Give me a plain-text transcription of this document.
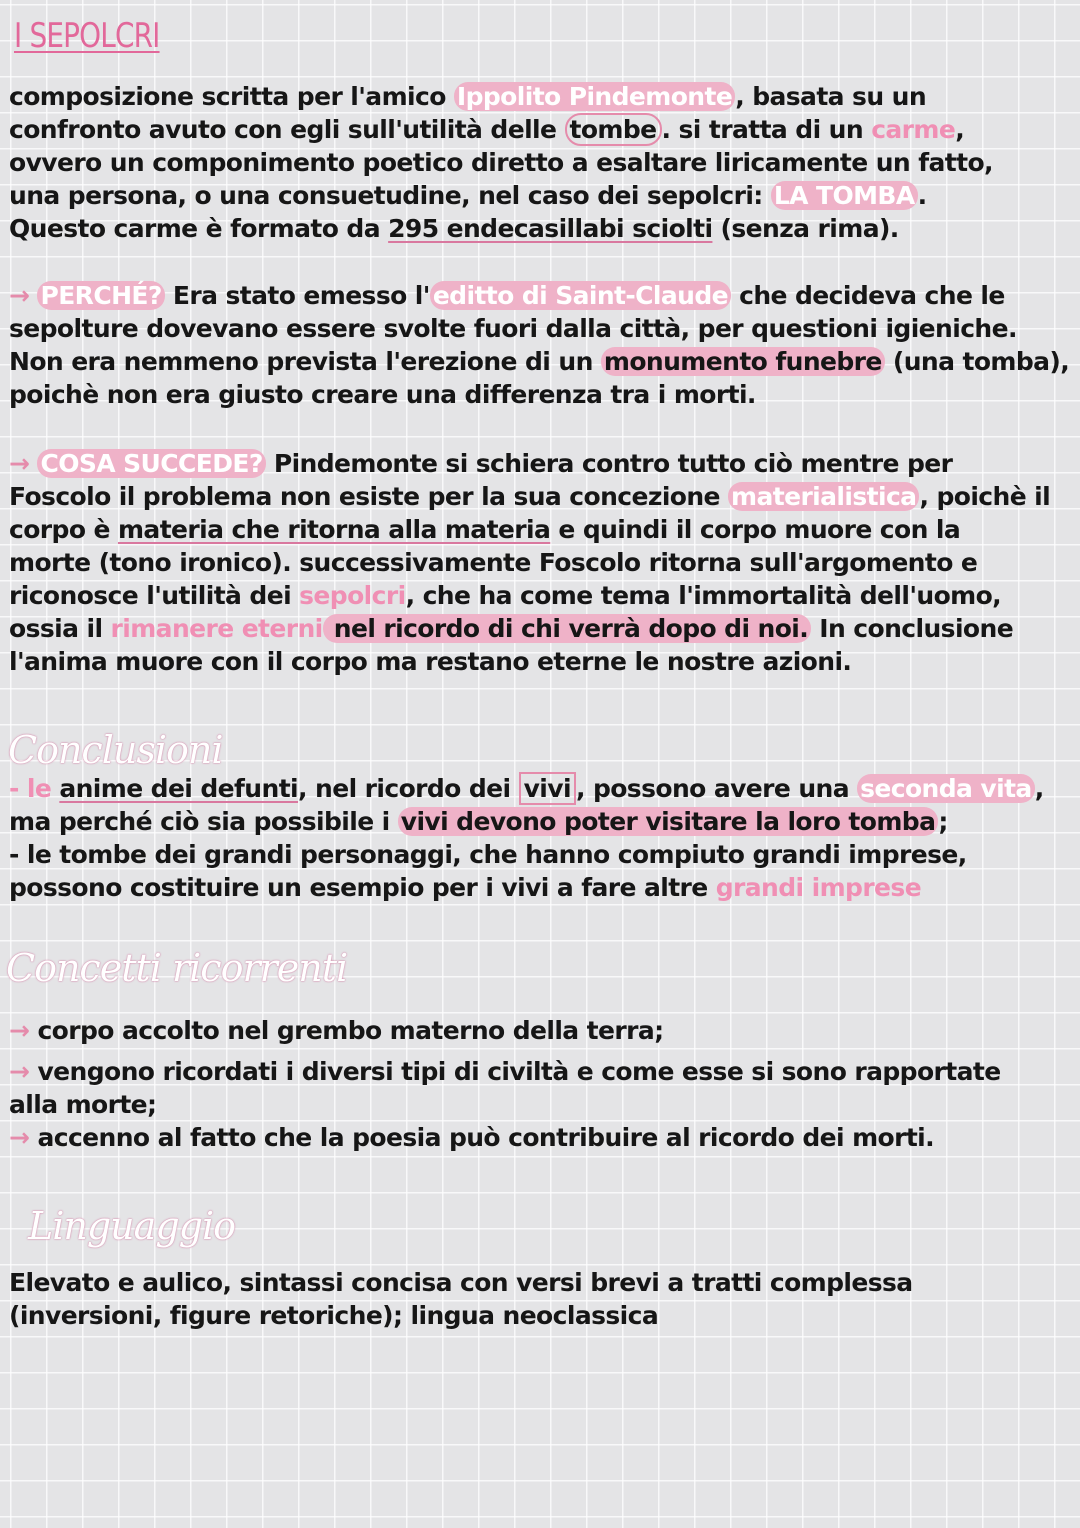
I SEPOLCRI
composizione scritta per l'amico Ippolito Pindemonte , basata su un
confronto avuto con egli sull'utilità delle tombe . si tratta di un carme,
ovvero un componimento poetico diretto a esaltare liricamente un fatto,
una persona, o una consuetudine, nel caso dei sepolcri: LA TOMBA .
Questo carme è formato da 295 endecasillabi sciolti (senza rima).
→ PERCHÉ? Era stato emesso l' editto di Saint-Claude che decideva che le
sepolture dovevano essere svolte fuori dalla città, per questioni igieniche.
Non era nemmeno prevista l'erezione di un monumento funebre (una tomba),
poichè non era giusto creare una differenza tra i morti.
→ COSA SUCCEDE? Pindemonte si schiera contro tutto ciò mentre per
Foscolo il problema non esiste per la sua concezione materialistica , poichè il
corpo è materia che ritorna alla materia e quindi il corpo muore con la
morte (tono ironico). successivamente Foscolo ritorna sull'argomento e
riconosce l'utilità dei sepolcri, che ha come tema l'immortalità dell'uomo,
ossia il rimanere eterni nel ricordo di chi verrà dopo di noi. In conclusione
l'anima muore con il corpo ma restano eterne le nostre azioni.
Conclusioni
- le anime dei defunti, nel ricordo dei vivi , possono avere una seconda vita ,
ma perché ciò sia possibile i vivi devono poter visitare la loro tomba ;
- le tombe dei grandi personaggi, che hanno compiuto grandi imprese,
possono costituire un esempio per i vivi a fare altre grandi imprese
Concetti ricorrenti
→ corpo accolto nel grembo materno della terra;
→ vengono ricordati i diversi tipi di civiltà e come esse si sono rapportate
alla morte;
→ accenno al fatto che la poesia può contribuire al ricordo dei morti.
Linguaggio
Elevato e aulico, sintassi concisa con versi brevi a tratti complessa
(inversioni, figure retoriche); lingua neoclassica
